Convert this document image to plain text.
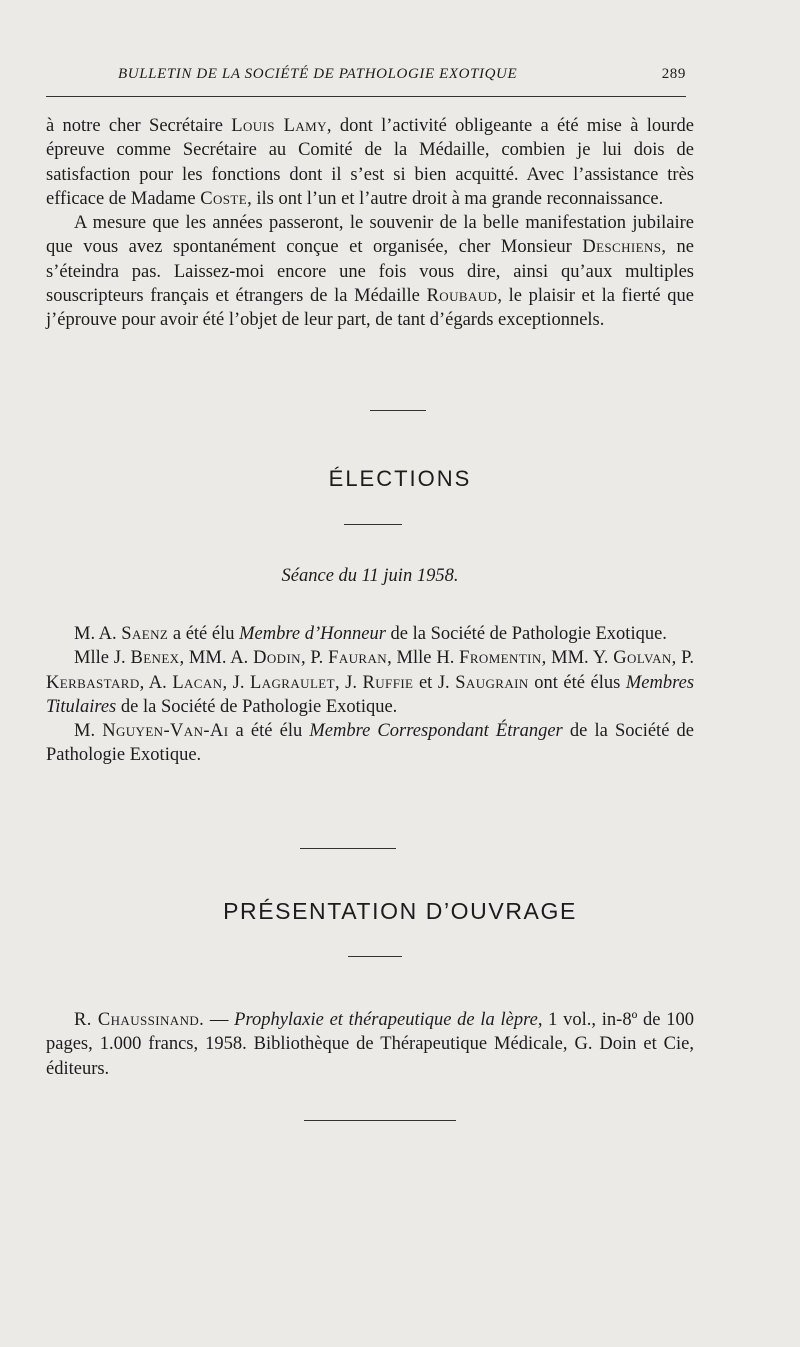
BULLETIN DE LA SOCIÉTÉ DE PATHOLOGIE EXOTIQUE	289

à notre cher Secrétaire Louis Lamy, dont l’activité obligeante a été mise à lourde épreuve comme Secrétaire au Comité de la Médaille, combien je lui dois de satisfaction pour les fonctions dont il s’est si bien acquitté. Avec l’assistance très efficace de Madame Coste, ils ont l’un et l’autre droit à ma grande reconnaissance.

A mesure que les années passeront, le souvenir de la belle manifestation jubilaire que vous avez spontanément conçue et organisée, cher Monsieur Deschiens, ne s’éteindra pas. Laissez-moi encore une fois vous dire, ainsi qu’aux multiples souscripteurs français et étrangers de la Médaille Roubaud, le plaisir et la fierté que j’éprouve pour avoir été l’objet de leur part, de tant d’égards exceptionnels.

ÉLECTIONS
Séance du 11 juin 1958.

M. A. Saenz a été élu Membre d’Honneur de la Société de Pathologie Exotique.

Mlle J. Benex, MM. A. Dodin, P. Fauran, Mlle H. Fromentin, MM. Y. Golvan, P. Kerbastard, A. Lacan, J. Lagraulet, J. Ruffie et J. Saugrain ont été élus Membres Titulaires de la Société de Pathologie Exotique.

M. Nguyen-Van-Ai a été élu Membre Correspondant Étranger de la Société de Pathologie Exotique.

PRÉSENTATION D’OUVRAGE

R. Chaussinand. — Prophylaxie et thérapeutique de la lèpre, 1 vol., in-8º de 100 pages, 1.000 francs, 1958. Bibliothèque de Thérapeutique Médicale, G. Doin et Cie, éditeurs.
